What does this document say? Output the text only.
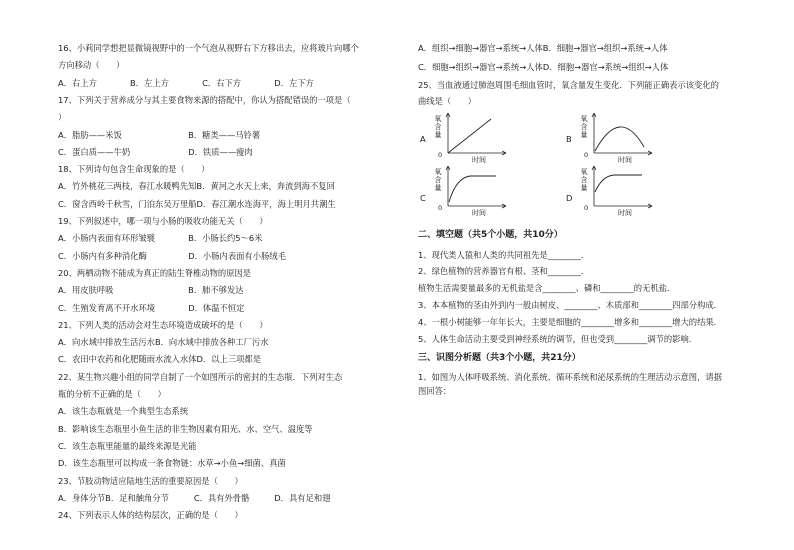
16、小莉同学想把显微镜视野中的一个气泡从视野右下方移出去，应将玻片向哪个
方向移动（　　）
A．右上方　　　　B．左上方　　　　C．右下方　　　　D．左下方
17、下列关于营养成分与其主要食物来源的搭配中，你认为搭配错误的一项是（
）
A．脂肪——米饭　　　　　　　　B．糖类——马铃薯
C．蛋白质——牛奶　　　　　　　D．铁质——瘦肉
18、下列诗句包含生命现象的是（　　）
A．竹外桃花三两枝，春江水暖鸭先知B．黄河之水天上来，奔流到海不复回
C．窗含西岭千秋雪，门泊东吴万里船D．春江潮水连海平，海上明月共潮生
19、下列叙述中，哪一项与小肠的吸收功能无关（　　）
A．小肠内表面有环形皱襞　　　　B．小肠长约5～6米
C．小肠内有多种消化酶　　　　　D．小肠内表面有小肠绒毛
20、两栖动物不能成为真正的陆生脊椎动物的原因是
A．用皮肤呼吸　　　　　　　　　B．肺不够发达
C．生殖发育离不开水环境　　　　D．体温不恒定
21、下列人类的活动会对生态环境造成破坏的是（　　）
A．向水域中排放生活污水B．向水域中排放各种工厂污水
C．农田中农药和化肥随雨水流入水体D．以上三项都是
22、某生物兴趣小组的同学自制了一个如图所示的密封的生态瓶．下列对生态
瓶的分析不正确的是（　　）
A．该生态瓶就是一个典型生态系统
B．影响该生态瓶里小鱼生活的非生物因素有阳光、水、空气、温度等
C．该生态瓶里能量的最终来源是光能
D．该生态瓶里可以构成一条食物链：水草→小鱼→细菌、真菌
23、节肢动物适应陆地生活的重要原因是（　　）
A．身体分节B．足和触角分节　　　C．具有外骨骼　　　D．具有足和翅
24、下列表示人体的结构层次，正确的是（　　）
A．组织→细胞→器官→系统→人体B．细胞→器官→组织→系统→人体
C．细胞→组织→器官→系统→人体D．细胞→器官→系统→组织→人体
25、当血液通过肺泡周围毛细血管时，氧含量发生变化．下列能正确表示该变化的
曲线是（　　）
A
氧
含
量
0
时间
B
氧
含
量
0
时间
C
氧
含
量
0
时间
D
氧
含
量
0
时间
二、填空题（共5个小题，共10分）
1、现代类人猿和人类的共同祖先是________．
2、绿色植物的营养器官有根、茎和________．
植物生活需要量最多的无机盐是含________、磷和________的无机盐．
3、本本植物的茎由外到内一般由树皮、________、木质部和________四部分构成．
4、一根小树能够一年年长大，主要是细胞的________增多和________增大的结果．
5、人体生命活动主要受到神经系统的调节，但也受到________调节的影响．
三、识图分析题（共3个小题，共21分）
1、如图为人体呼吸系统、消化系统、循环系统和泌尿系统的生理活动示意图，请据
图回答：
